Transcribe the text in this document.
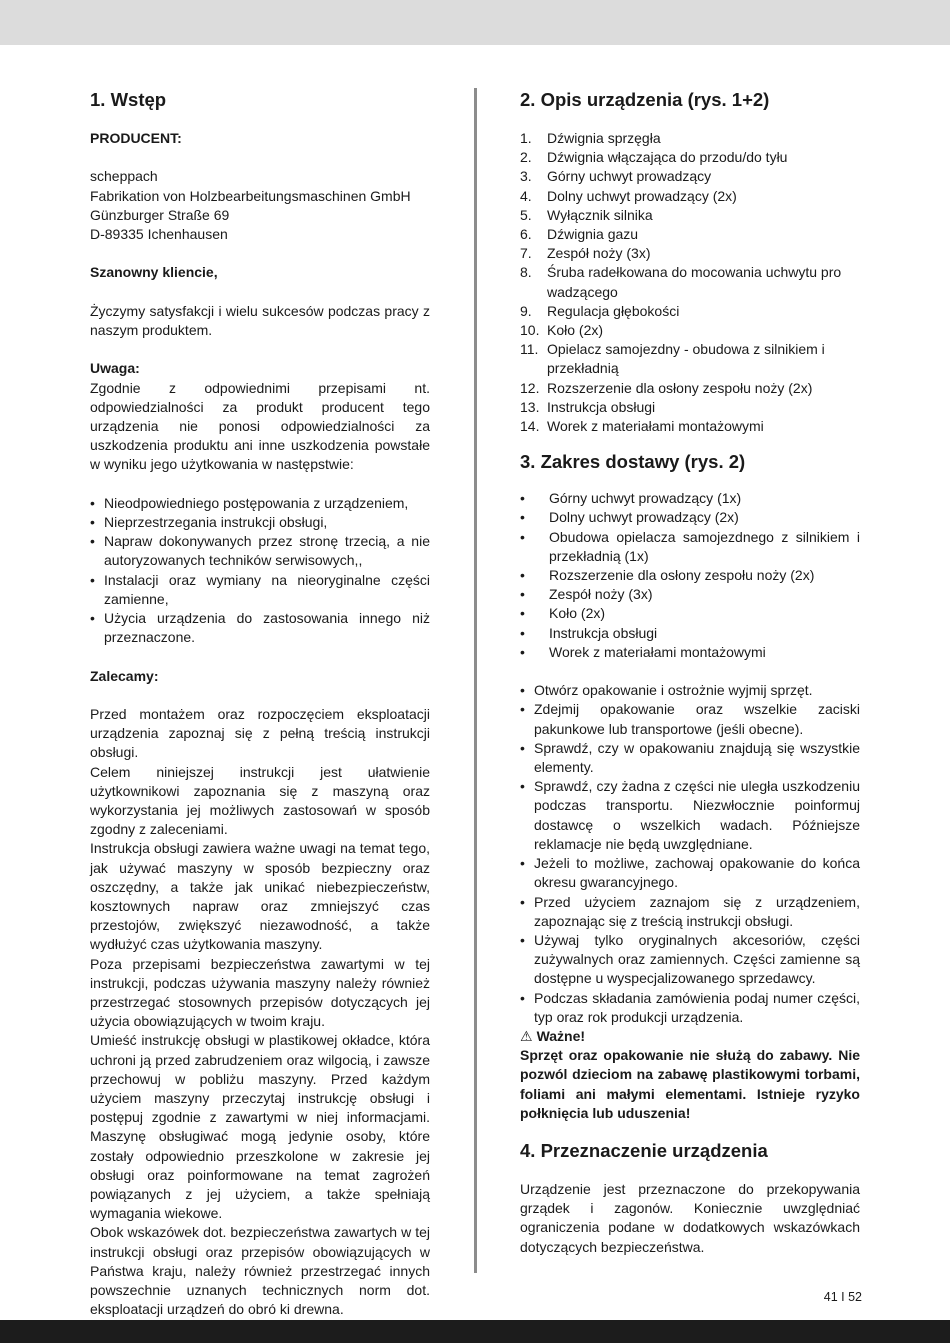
1. Wstęp

PRODUCENT:

scheppach

Fabrikation von Holzbearbeitungsmaschinen GmbH

Günzburger Straße 69

D-89335 Ichenhausen

Szanowny kliencie,

Życzymy satysfakcji i wielu sukcesów podczas pracy z naszym produktem.

Uwaga:

Zgodnie z odpowiednimi przepisami nt. odpowiedzialności za produkt producent tego urządzenia nie ponosi odpowiedzialności za uszkodzenia produktu ani inne uszkodzenia powstałe w wyniku jego użytkowania w następstwie:

• Nieodpowiedniego postępowania z urządzeniem,
• Nieprzestrzegania instrukcji obsługi,
• Napraw dokonywanych przez stronę trzecią, a nie autoryzowanych techników serwisowych,,
• Instalacji oraz wymiany na nieoryginalne części zamienne,
• Użycia urządzenia do zastosowania innego niż przeznaczone.

Zalecamy:

Przed montażem oraz rozpoczęciem eksploatacji urządzenia zapoznaj się z pełną treścią instrukcji obsługi.

Celem niniejszej instrukcji jest ułatwienie użytkownikowi zapoznania się z maszyną oraz wykorzystania jej możliwych zastosowań w sposób zgodny z zaleceniami.

Instrukcja obsługi zawiera ważne uwagi na temat tego, jak używać maszyny w sposób bezpieczny oraz oszczędny, a także jak unikać niebezpieczeństw, kosztownych napraw oraz zmniejszyć czas przestojów, zwiększyć niezawodność, a także wydłużyć czas użytkowania maszyny.

Poza przepisami bezpieczeństwa zawartymi w tej instrukcji, podczas używania maszyny należy również przestrzegać stosownych przepisów dotyczących jej użycia obowiązujących w twoim kraju.

Umieść instrukcję obsługi w plastikowej okładce, która uchroni ją przed zabrudzeniem oraz wilgocią, i zawsze przechowuj w pobliżu maszyny. Przed każdym użyciem maszyny przeczytaj instrukcję obsługi i postępuj zgodnie z zawartymi w niej informacjami. Maszynę obsługiwać mogą jedynie osoby, które zostały odpowiednio przeszkolone w zakresie jej obsługi oraz poinformowane na temat zagrożeń powiązanych z jej użyciem, a także spełniają wymagania wiekowe.

Obok wskazówek dot. bezpieczeństwa zawartych w tej instrukcji obsługi oraz przepisów obowiązujących w Państwa kraju, należy również przestrzegać innych powszechnie uznanych technicznych norm dot. eksploatacji urządzeń do obró ki drewna.

2. Opis urządzenia (rys. 1+2)
1. Dźwignia sprzęgła
2. Dźwignia włączająca do przodu/do tyłu
3. Górny uchwyt prowadzący
4. Dolny uchwyt prowadzący (2x)
5. Wyłącznik silnika
6. Dźwignia gazu
7. Zespół noży (3x)
8. Śruba radełkowana do mocowania uchwytu pro wadzącego
9. Regulacja głębokości
10. Koło (2x)
11. Opielacz samojezdny - obudowa z silnikiem i przekładnią
12. Rozszerzenie dla osłony zespołu noży (2x)
13. Instrukcja obsługi
14. Worek z materiałami montażowymi
3. Zakres dostawy (rys. 2)
• Górny uchwyt prowadzący (1x)
• Dolny uchwyt prowadzący (2x)
• Obudowa opielacza samojezdnego z silnikiem i przekładnią (1x)
• Rozszerzenie dla osłony zespołu noży (2x)
• Zespół noży (3x)
• Koło (2x)
• Instrukcja obsługi
• Worek z materiałami montażowymi
• Otwórz opakowanie i ostrożnie wyjmij sprzęt.
• Zdejmij opakowanie oraz wszelkie zaciski pakunkowe lub transportowe (jeśli obecne).
• Sprawdź, czy w opakowaniu znajdują się wszystkie elementy.
• Sprawdź, czy żadna z części nie uległa uszkodzeniu podczas transportu. Niezwłocznie poinformuj dostawcę o wszelkich wadach. Późniejsze reklamacje nie będą uwzględniane.
• Jeżeli to możliwe, zachowaj opakowanie do końca okresu gwarancyjnego.
• Przed użyciem zaznajom się z urządzeniem, zapoznając się z treścią instrukcji obsługi.
• Używaj tylko oryginalnych akcesoriów, części zużywalnych oraz zamiennych. Części zamienne są dostępne u wyspecjalizowanego sprzedawcy.
• Podczas składania zamówienia podaj numer części, typ oraz rok produkcji urządzenia.

⚠ Ważne!

Sprzęt oraz opakowanie nie służą do zabawy. Nie pozwól dzieciom na zabawę plastikowymi torbami, foliami ani małymi elementami. Istnieje ryzyko połknięcia lub uduszenia!

4. Przeznaczenie urządzenia

Urządzenie jest przeznaczone do przekopywania grządek i zagonów. Koniecznie uwzględniać ograniczenia podane w dodatkowych wskazówkach dotyczących bezpieczeństwa.

41 I 52
